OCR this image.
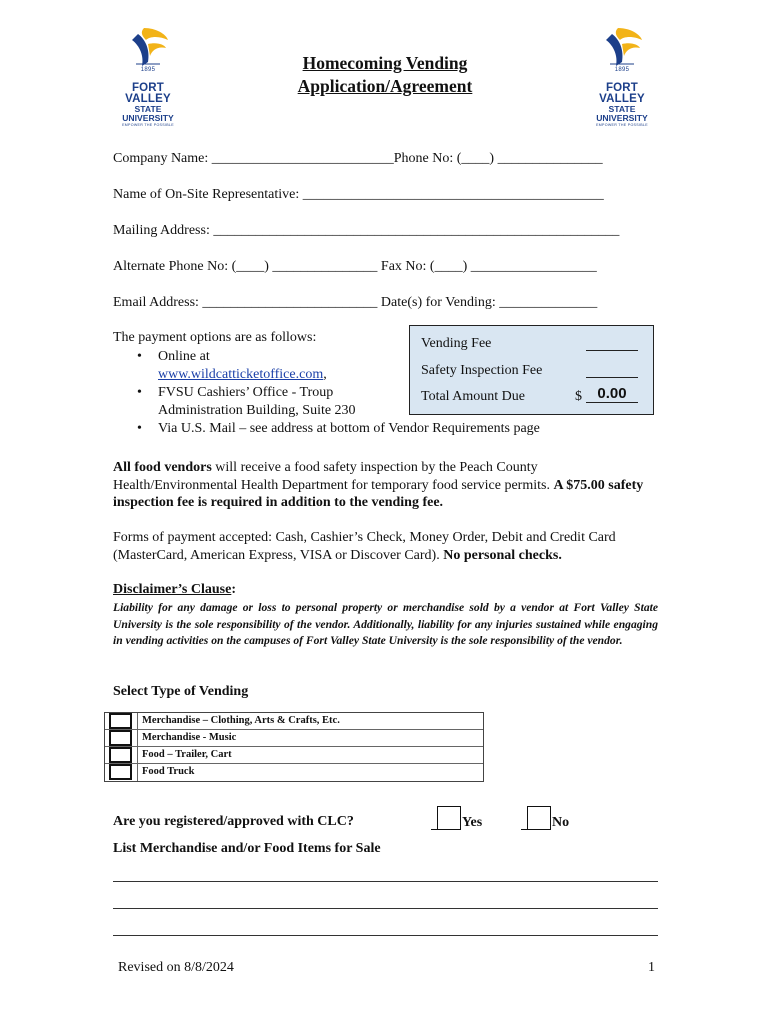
1895
FORT VALLEY
STATE UNIVERSITY
EMPOWER THE POSSIBLE
1895
FORT VALLEY
STATE UNIVERSITY
EMPOWER THE POSSIBLE
Homecoming Vending
Application/Agreement
Company Name: __________________________Phone No: (____) _______________
Name of On-Site Representative: ___________________________________________
Mailing Address: __________________________________________________________
Alternate Phone No: (____) _______________ Fax No: (____) __________________
Email Address: _________________________ Date(s) for Vending: ______________
The payment options are as follows:
• Online at
www.wildcatticketoffice.com,
• FVSU Cashiers’ Office - Troup
Administration Building, Suite 230
• Via U.S. Mail – see address at bottom of Vendor Requirements page
Vending Fee
Safety Inspection Fee
Total Amount Due	$	0.00
All food vendors will receive a food safety inspection by the Peach County Health/Environmental Health Department for temporary food service permits. A $75.00 safety inspection fee is required in addition to the vending fee.
Forms of payment accepted: Cash, Cashier’s Check, Money Order, Debit and Credit Card (MasterCard, American Express, VISA or Discover Card). No personal checks.
Disclaimer’s Clause:
Liability for any damage or loss to personal property or merchandise sold by a vendor at Fort Valley State University is the sole responsibility of the vendor. Additionally, liability for any injuries sustained while engaging in vending activities on the campuses of Fort Valley State University is the sole responsibility of the vendor.
Select Type of Vending
Merchandise – Clothing, Arts & Crafts, Etc.
Merchandise - Music
Food – Trailer, Cart
Food Truck
Are you registered/approved with CLC?	Yes	No
List Merchandise and/or Food Items for Sale
Revised on 8/8/2024	1
